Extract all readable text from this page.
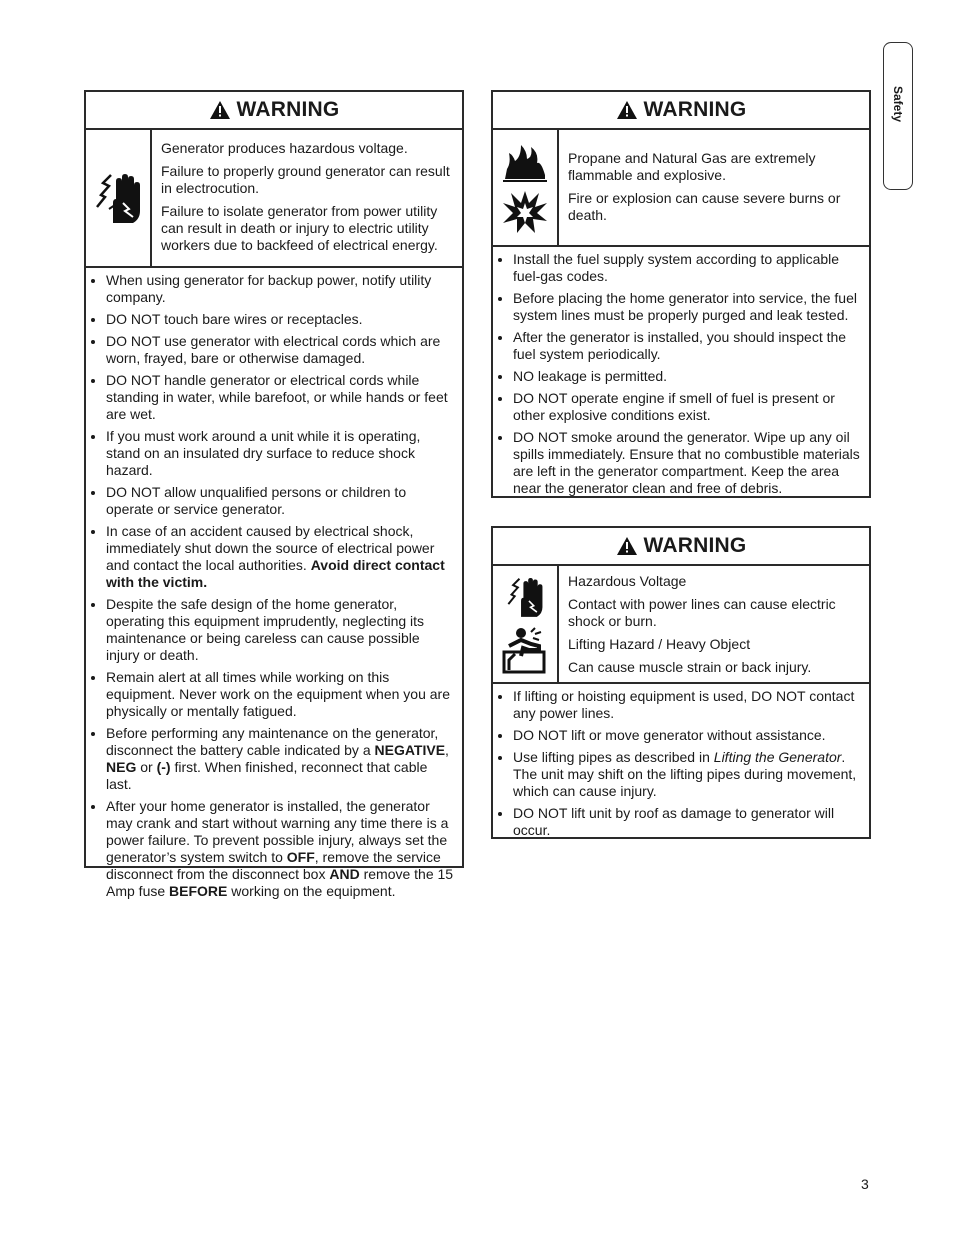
Safety
WARNING

Generator produces hazardous voltage.

Failure to properly ground generator can result in electrocution.

Failure to isolate generator from power utility can result in death or injury to electric utility workers due to backfeed of electrical energy.

• When using generator for backup power, notify utility company.
• DO NOT touch bare wires or receptacles.
• DO NOT use generator with electrical cords which are worn, frayed, bare or otherwise damaged.
• DO NOT handle generator or electrical cords while standing in water, while barefoot, or while hands or feet are wet.
• If you must work around a unit while it is operating, stand on an insulated dry surface to reduce shock hazard.
• DO NOT allow unqualified persons or children to operate or service generator.
• In case of an accident caused by electrical shock, immediately shut down the source of electrical power and contact the local authorities. Avoid direct contact with the victim.
• Despite the safe design of the home generator, operating this equipment imprudently, neglecting its maintenance or being careless can cause possible injury or death.
• Remain alert at all times while working on this equipment. Never work on the equipment when you are physically or mentally fatigued.
• Before performing any maintenance on the generator, disconnect the battery cable indicated by a NEGATIVE, NEG or (-) first. When finished, reconnect that cable last.
• After your home generator is installed, the generator may crank and start without warning any time there is a power failure. To prevent possible injury, always set the generator’s system switch to OFF, remove the service disconnect from the disconnect box AND remove the 15 Amp fuse BEFORE working on the equipment.
WARNING

Propane and Natural Gas are extremely flammable and explosive.

Fire or explosion can cause severe burns or death.

• Install the fuel supply system according to applicable fuel-gas codes.
• Before placing the home generator into service, the fuel system lines must be properly purged and leak tested.
• After the generator is installed, you should inspect the fuel system periodically.
• NO leakage is permitted.
• DO NOT operate engine if smell of fuel is present or other explosive conditions exist.
• DO NOT smoke around the generator. Wipe up any oil spills immediately. Ensure that no combustible materials are left in the generator compartment. Keep the area near the generator clean and free of debris.
WARNING

Hazardous Voltage

Contact with power lines can cause electric shock or burn.

Lifting Hazard / Heavy Object

Can cause muscle strain or back injury.

• If lifting or hoisting equipment is used, DO NOT contact any power lines.
• DO NOT lift or move generator without assistance.
• Use lifting pipes as described in Lifting the Generator. The unit may shift on the lifting pipes during movement, which can cause injury.
• DO NOT lift unit by roof as damage to generator will occur.
3
